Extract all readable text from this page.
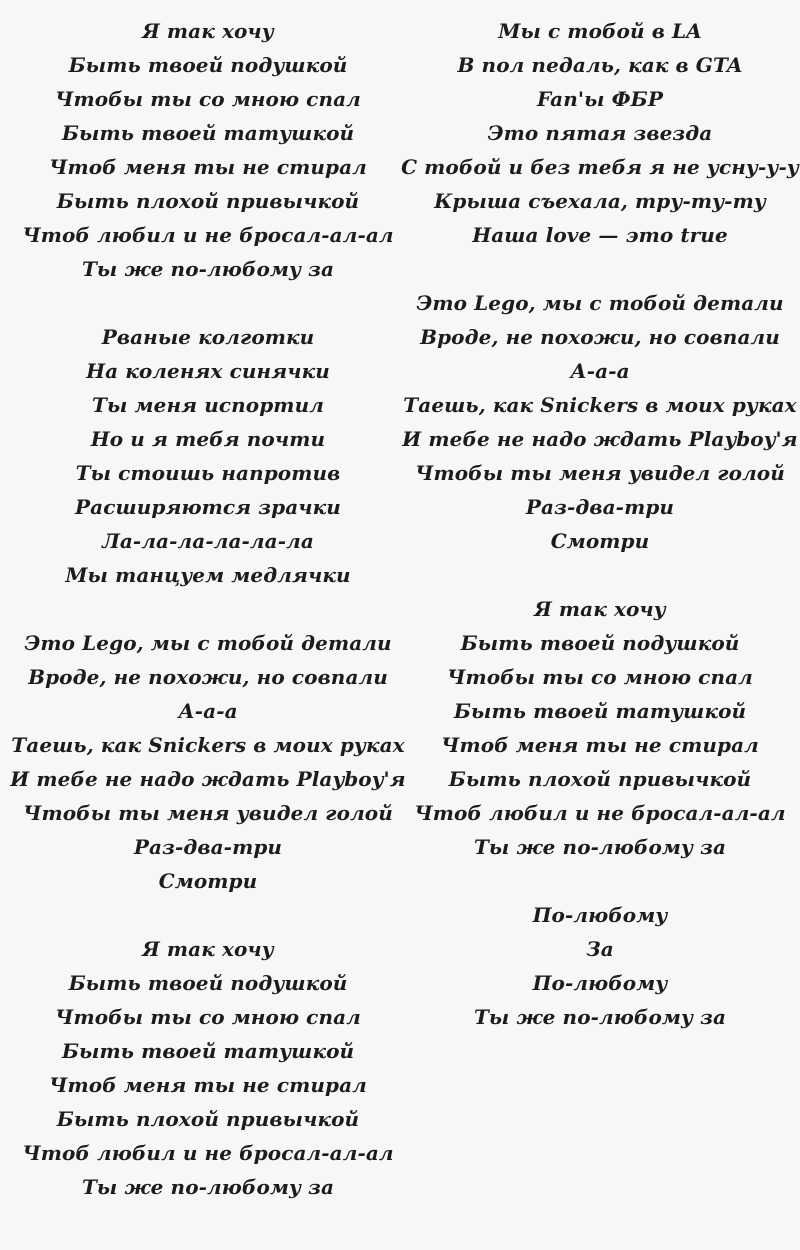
Я так хочу
Быть твоей подушкой
Чтобы ты со мною спал
Быть твоей татушкой
Чтоб меня ты не стирал
Быть плохой привычкой
Чтоб любил и не бросал-ал-ал
Ты же по-любому за
Рваные колготки
На коленях синячки
Ты меня испортил
Но и я тебя почти
Ты стоишь напротив
Расширяются зрачки
Ла-ла-ла-ла-ла-ла
Мы танцуем медлячки
Это Lego, мы с тобой детали
Вроде, не похожи, но совпали
А-а-а
Таешь, как Snickers в моих руках
И тебе не надо ждать Playboy'я
Чтобы ты меня увидел голой
Раз-два-три
Смотри
Я так хочу
Быть твоей подушкой
Чтобы ты со мною спал
Быть твоей татушкой
Чтоб меня ты не стирал
Быть плохой привычкой
Чтоб любил и не бросал-ал-ал
Ты же по-любому за
Мы с тобой в LA
В пол педаль, как в GTA
Fan'ы ФБР
Это пятая звезда
С тобой и без тебя я не усну-у-у
Крыша съехала, тру-ту-ту
Наша love — это true
Это Lego, мы с тобой детали
Вроде, не похожи, но совпали
А-а-а
Таешь, как Snickers в моих руках
И тебе не надо ждать Playboy'я
Чтобы ты меня увидел голой
Раз-два-три
Смотри
Я так хочу
Быть твоей подушкой
Чтобы ты со мною спал
Быть твоей татушкой
Чтоб меня ты не стирал
Быть плохой привычкой
Чтоб любил и не бросал-ал-ал
Ты же по-любому за
По-любому
За
По-любому
Ты же по-любому за
